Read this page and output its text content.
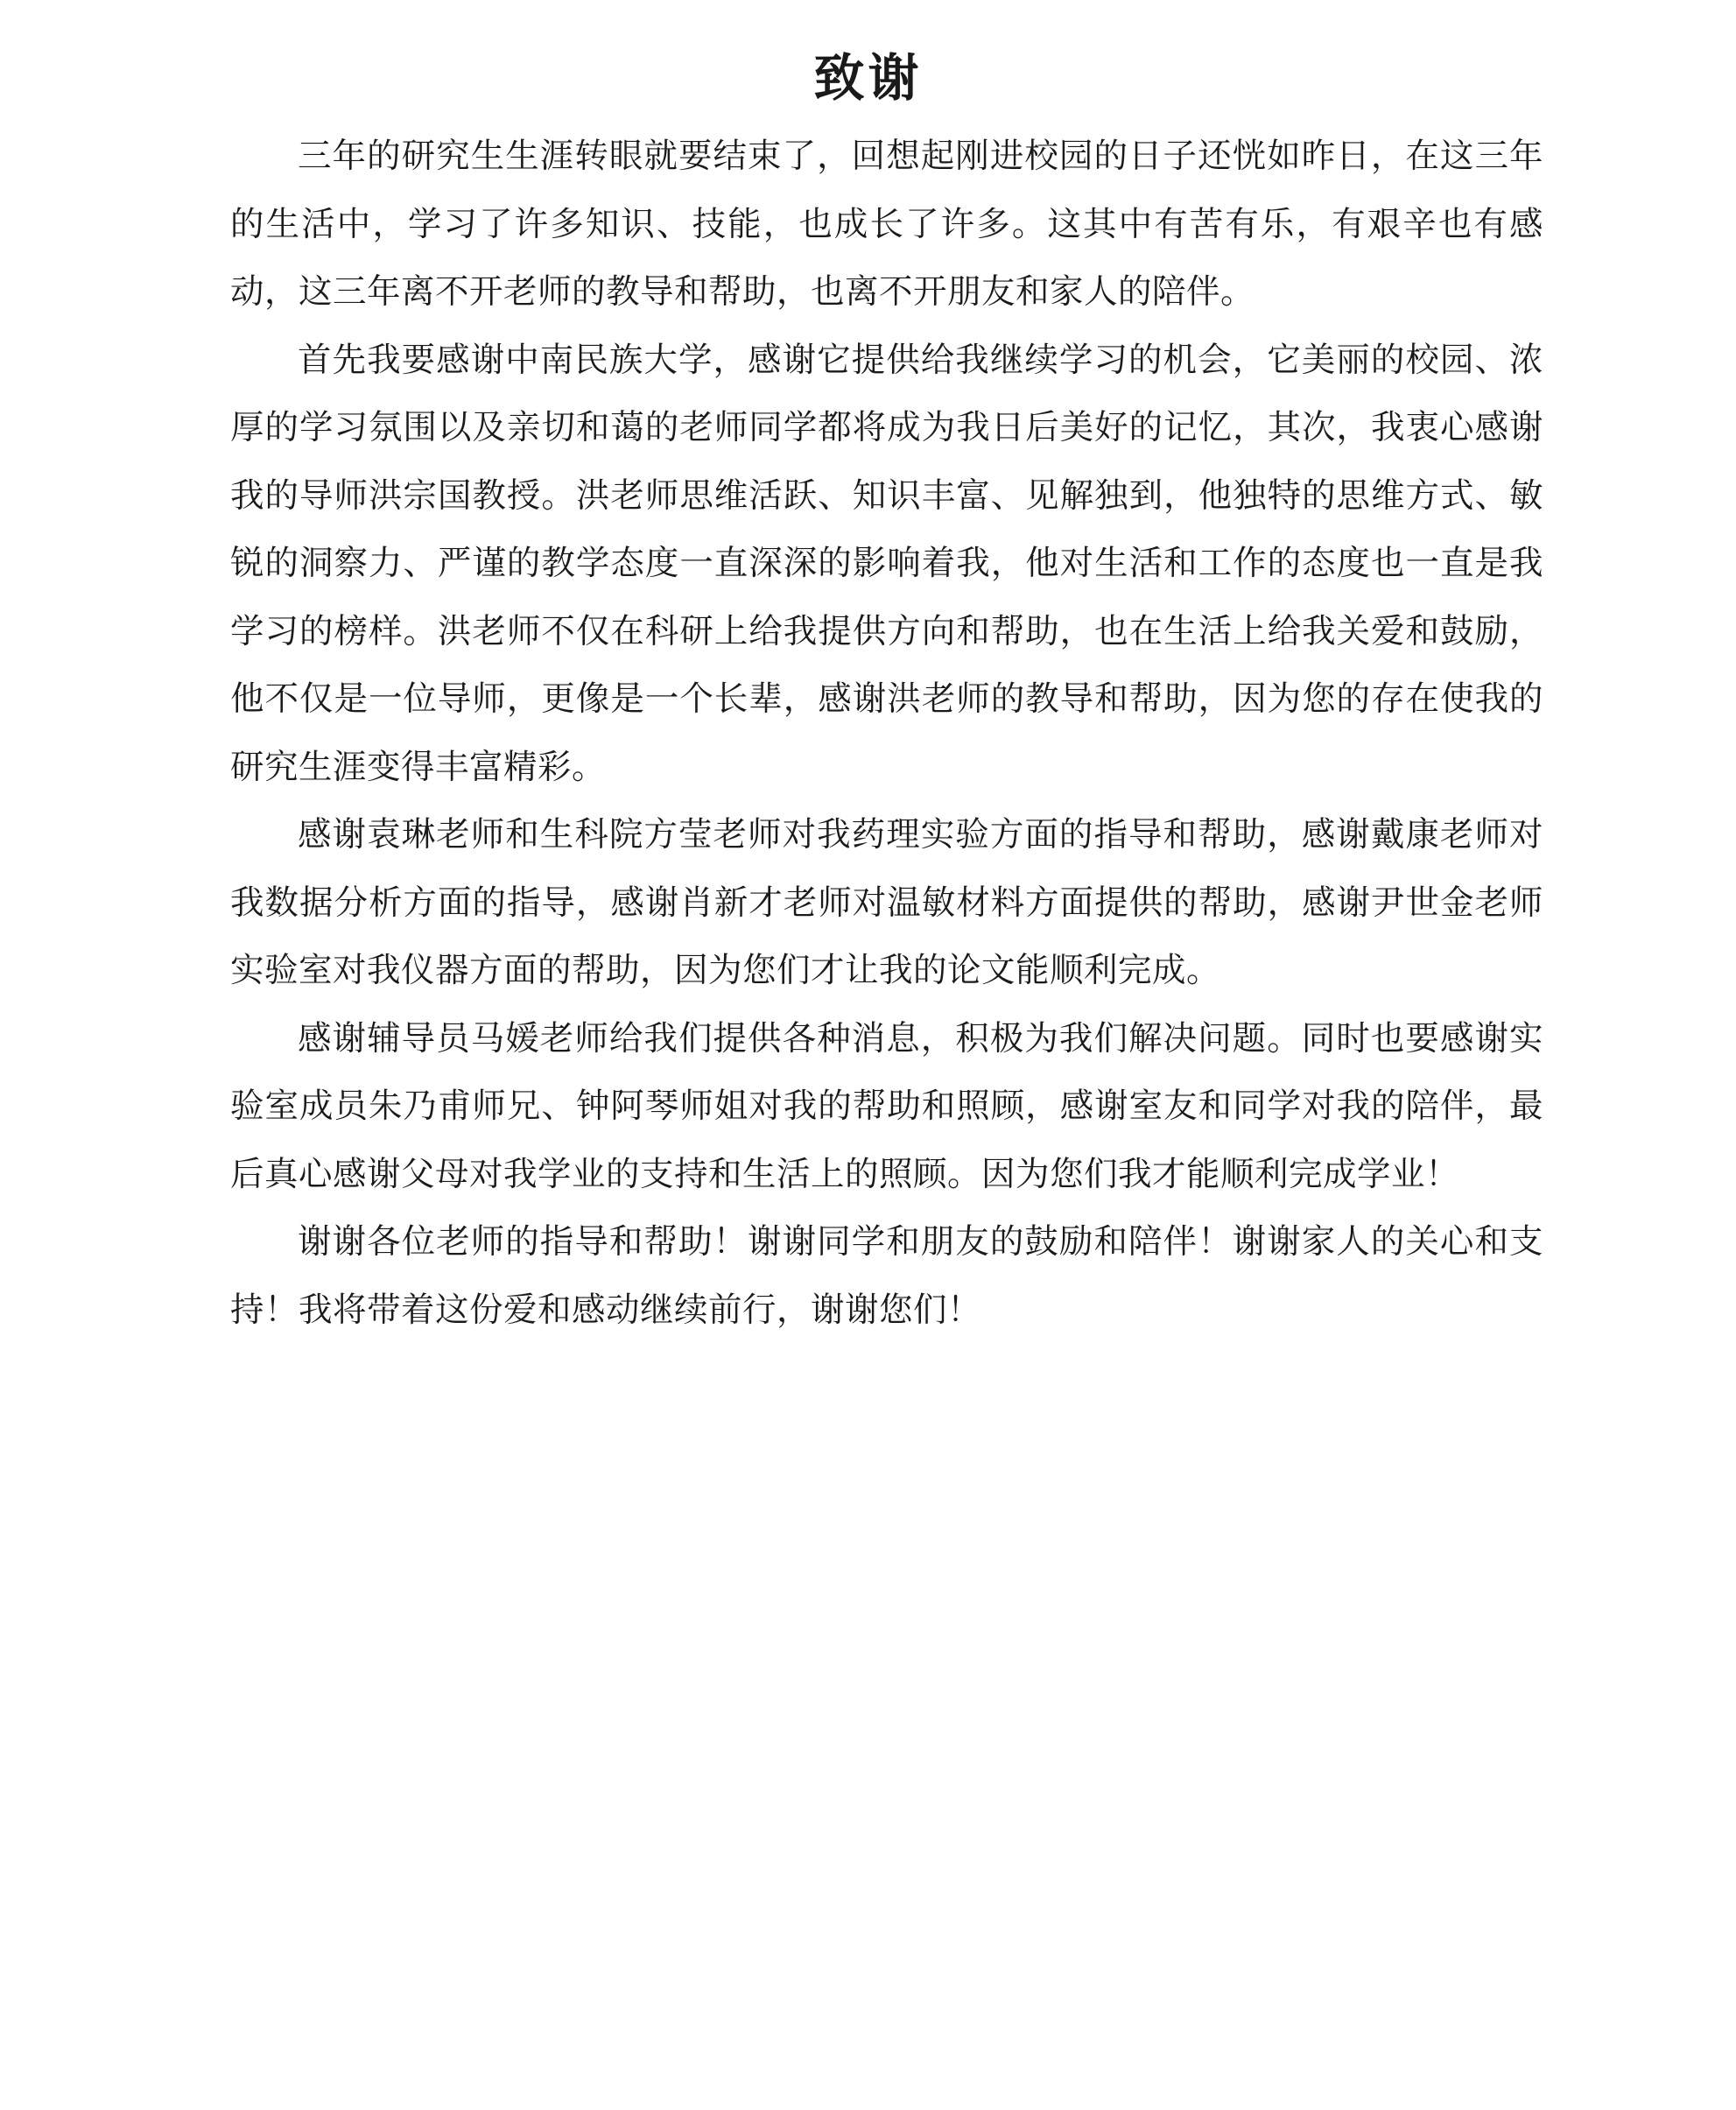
致谢

三年的研究生生涯转眼就要结束了，回想起刚进校园的日子还恍如昨日，在这三年的生活中，学习了许多知识、技能，也成长了许多。这其中有苦有乐，有艰辛也有感动，这三年离不开老师的教导和帮助，也离不开朋友和家人的陪伴。

首先我要感谢中南民族大学，感谢它提供给我继续学习的机会，它美丽的校园、浓厚的学习氛围以及亲切和蔼的老师同学都将成为我日后美好的记忆，其次，我衷心感谢我的导师洪宗国教授。洪老师思维活跃、知识丰富、见解独到，他独特的思维方式、敏锐的洞察力、严谨的教学态度一直深深的影响着我，他对生活和工作的态度也一直是我学习的榜样。洪老师不仅在科研上给我提供方向和帮助，也在生活上给我关爱和鼓励，他不仅是一位导师，更像是一个长辈，感谢洪老师的教导和帮助，因为您的存在使我的研究生涯变得丰富精彩。

感谢袁琳老师和生科院方莹老师对我药理实验方面的指导和帮助，感谢戴康老师对我数据分析方面的指导，感谢肖新才老师对温敏材料方面提供的帮助，感谢尹世金老师实验室对我仪器方面的帮助，因为您们才让我的论文能顺利完成。

感谢辅导员马媛老师给我们提供各种消息，积极为我们解决问题。同时也要感谢实验室成员朱乃甫师兄、钟阿琴师姐对我的帮助和照顾，感谢室友和同学对我的陪伴，最后真心感谢父母对我学业的支持和生活上的照顾。因为您们我才能顺利完成学业！

谢谢各位老师的指导和帮助！谢谢同学和朋友的鼓励和陪伴！谢谢家人的关心和支持！我将带着这份爱和感动继续前行，谢谢您们！
